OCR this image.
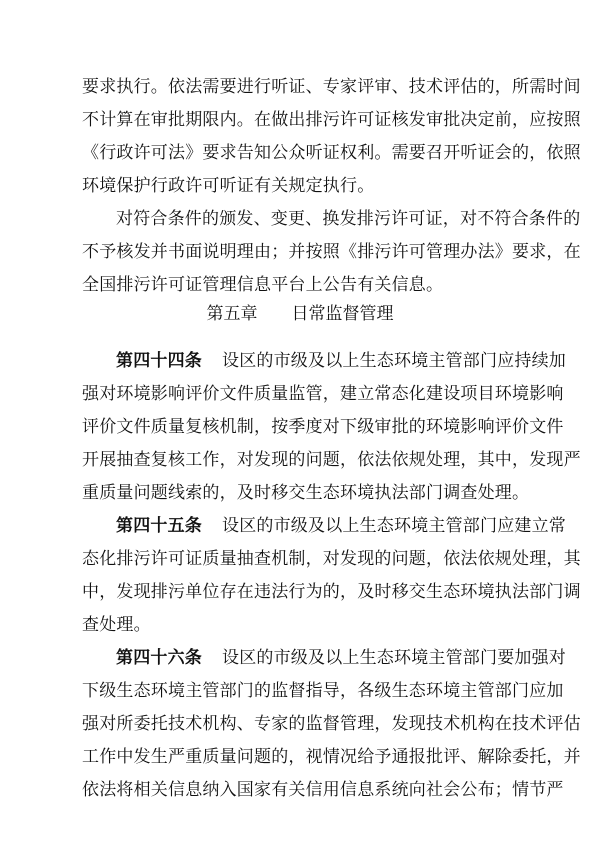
要求执行。依法需要进行听证、专家评审、技术评估的，所需时间
不计算在审批期限内。在做出排污许可证核发审批决定前，应按照
《行政许可法》要求告知公众听证权利。需要召开听证会的，依照
环境保护行政许可听证有关规定执行。
对符合条件的颁发、变更、换发排污许可证，对不符合条件的
不予核发并书面说明理由；并按照《排污许可管理办法》要求，在
全国排污许可证管理信息平台上公告有关信息。
第五章 日常监督管理
第四十四条 设区的市级及以上生态环境主管部门应持续加
强对环境影响评价文件质量监管，建立常态化建设项目环境影响
评价文件质量复核机制，按季度对下级审批的环境影响评价文件
开展抽查复核工作，对发现的问题，依法依规处理，其中，发现严
重质量问题线索的，及时移交生态环境执法部门调查处理。
第四十五条 设区的市级及以上生态环境主管部门应建立常
态化排污许可证质量抽查机制，对发现的问题，依法依规处理，其
中，发现排污单位存在违法行为的，及时移交生态环境执法部门调
查处理。
第四十六条 设区的市级及以上生态环境主管部门要加强对
下级生态环境主管部门的监督指导，各级生态环境主管部门应加
强对所委托技术机构、专家的监督管理，发现技术机构在技术评估
工作中发生严重质量问题的，视情况给予通报批评、解除委托，并
依法将相关信息纳入国家有关信用信息系统向社会公布；情节严
